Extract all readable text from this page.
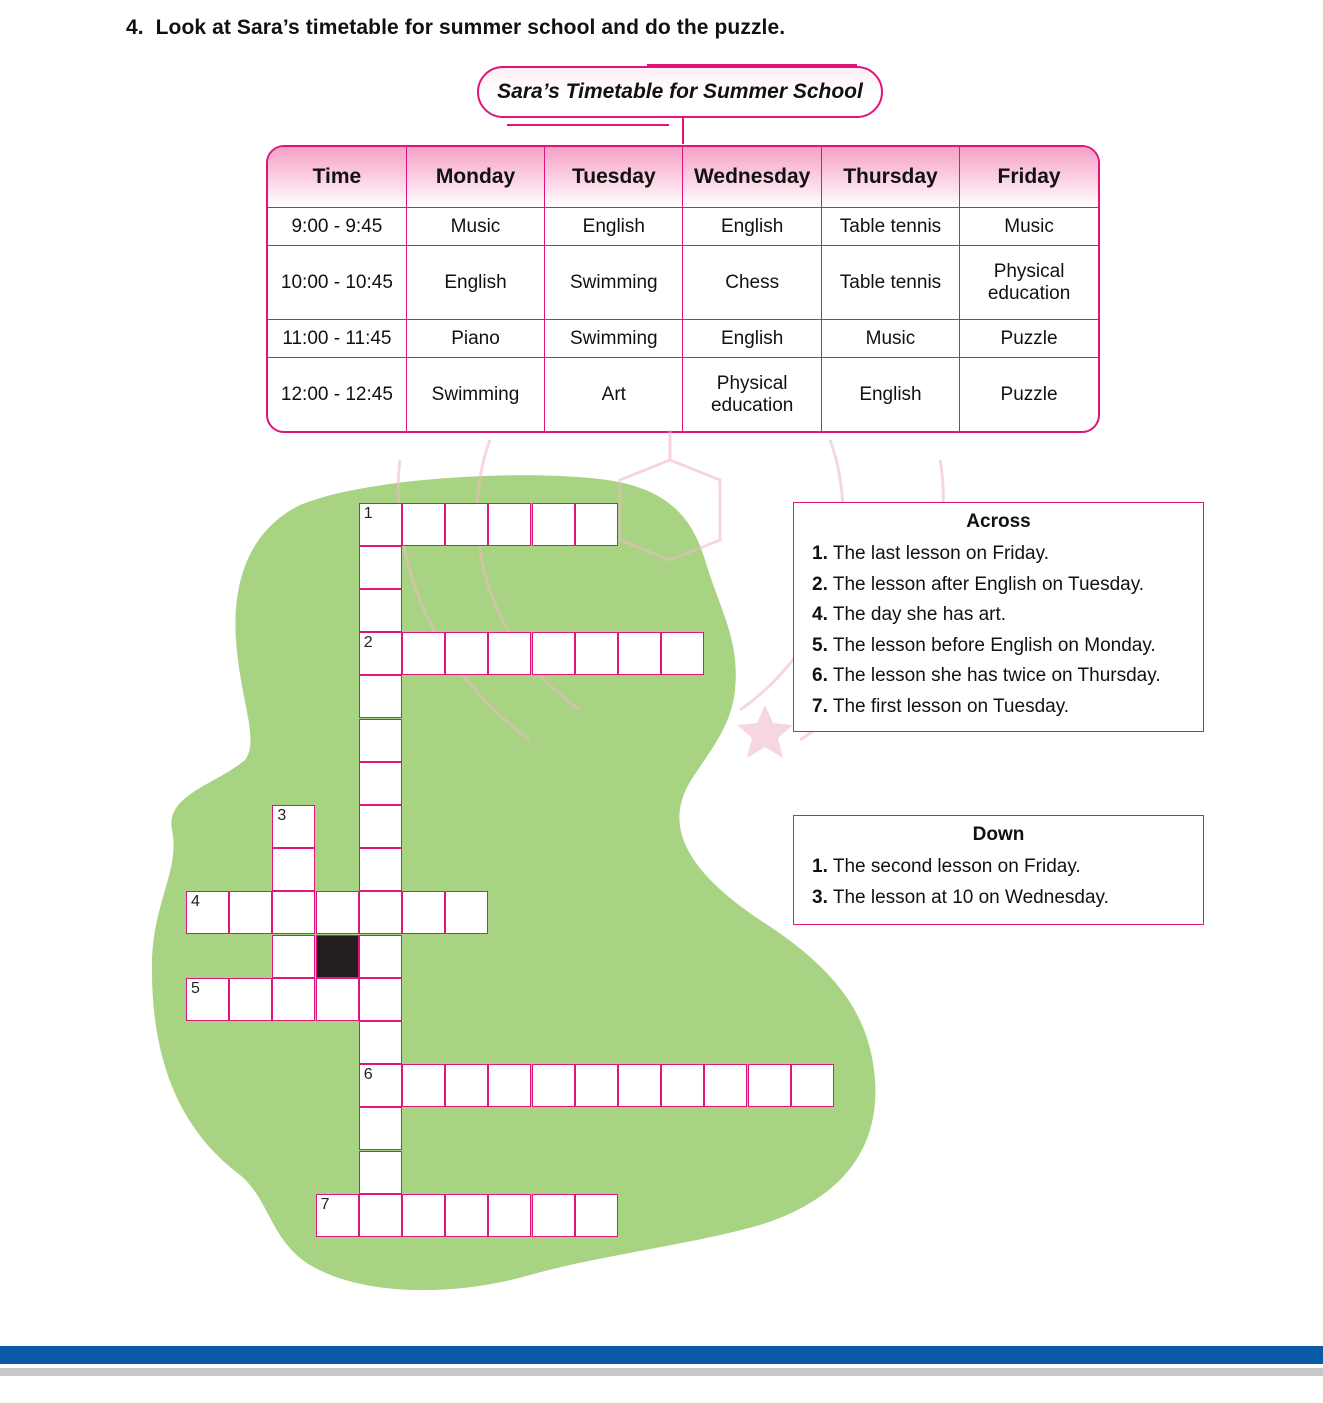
4. Look at Sara’s timetable for summer school and do the puzzle.
Sara’s Timetable for Summer School
Time	Monday	Tuesday	Wednesday	Thursday	Friday
9:00 - 9:45	Music	English	English	Table tennis	Music
10:00 - 10:45	English	Swimming	Chess	Table tennis	Physical education
11:00 - 11:45	Piano	Swimming	English	Music	Puzzle
12:00 - 12:45	Swimming	Art	Physical education	English	Puzzle
1
2
6
3
4
5
7
Across
1. The last lesson on Friday.
2. The lesson after English on Tuesday.
4. The day she has art.
5. The lesson before English on Monday.
6. The lesson she has twice on Thursday.
7. The first lesson on Tuesday.
Down
1. The second lesson on Friday.
3. The lesson at 10 on Wednesday.
